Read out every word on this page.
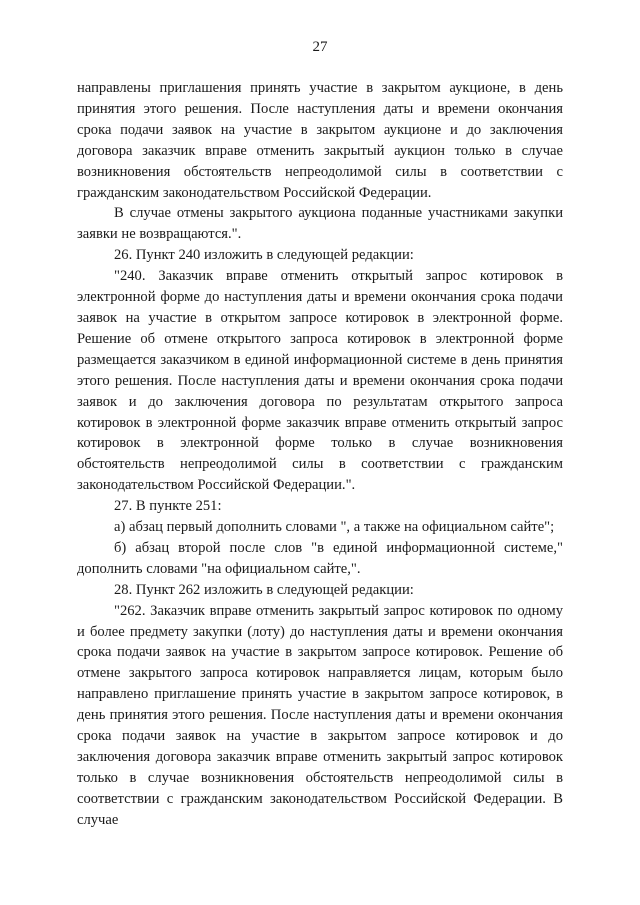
27

направлены приглашения принять участие в закрытом аукционе, в день принятия этого решения. После наступления даты и времени окончания срока подачи заявок на участие в закрытом аукционе и до заключения договора заказчик вправе отменить закрытый аукцион только в случае возникновения обстоятельств непреодолимой силы в соответствии с гражданским законодательством Российской Федерации.

В случае отмены закрытого аукциона поданные участниками закупки заявки не возвращаются.".

26. Пункт 240 изложить в следующей редакции:

"240. Заказчик вправе отменить открытый запрос котировок в электронной форме до наступления даты и времени окончания срока подачи заявок на участие в открытом запросе котировок в электронной форме. Решение об отмене открытого запроса котировок в электронной форме размещается заказчиком в единой информационной системе в день принятия этого решения. После наступления даты и времени окончания срока подачи заявок и до заключения договора по результатам открытого запроса котировок в электронной форме заказчик вправе отменить открытый запрос котировок в электронной форме только в случае возникновения обстоятельств непреодолимой силы в соответствии с гражданским законодательством Российской Федерации.".

27. В пункте 251:

а) абзац первый дополнить словами ", а также на официальном сайте";

б) абзац второй после слов "в единой информационной системе," дополнить словами "на официальном сайте,".

28. Пункт 262 изложить в следующей редакции:

"262. Заказчик вправе отменить закрытый запрос котировок по одному и более предмету закупки (лоту) до наступления даты и времени окончания срока подачи заявок на участие в закрытом запросе котировок. Решение об отмене закрытого запроса котировок направляется лицам, которым было направлено приглашение принять участие в закрытом запросе котировок, в день принятия этого решения. После наступления даты и времени окончания срока подачи заявок на участие в закрытом запросе котировок и до заключения договора заказчик вправе отменить закрытый запрос котировок только в случае возникновения обстоятельств непреодолимой силы в соответствии с гражданским законодательством Российской Федерации. В случае
